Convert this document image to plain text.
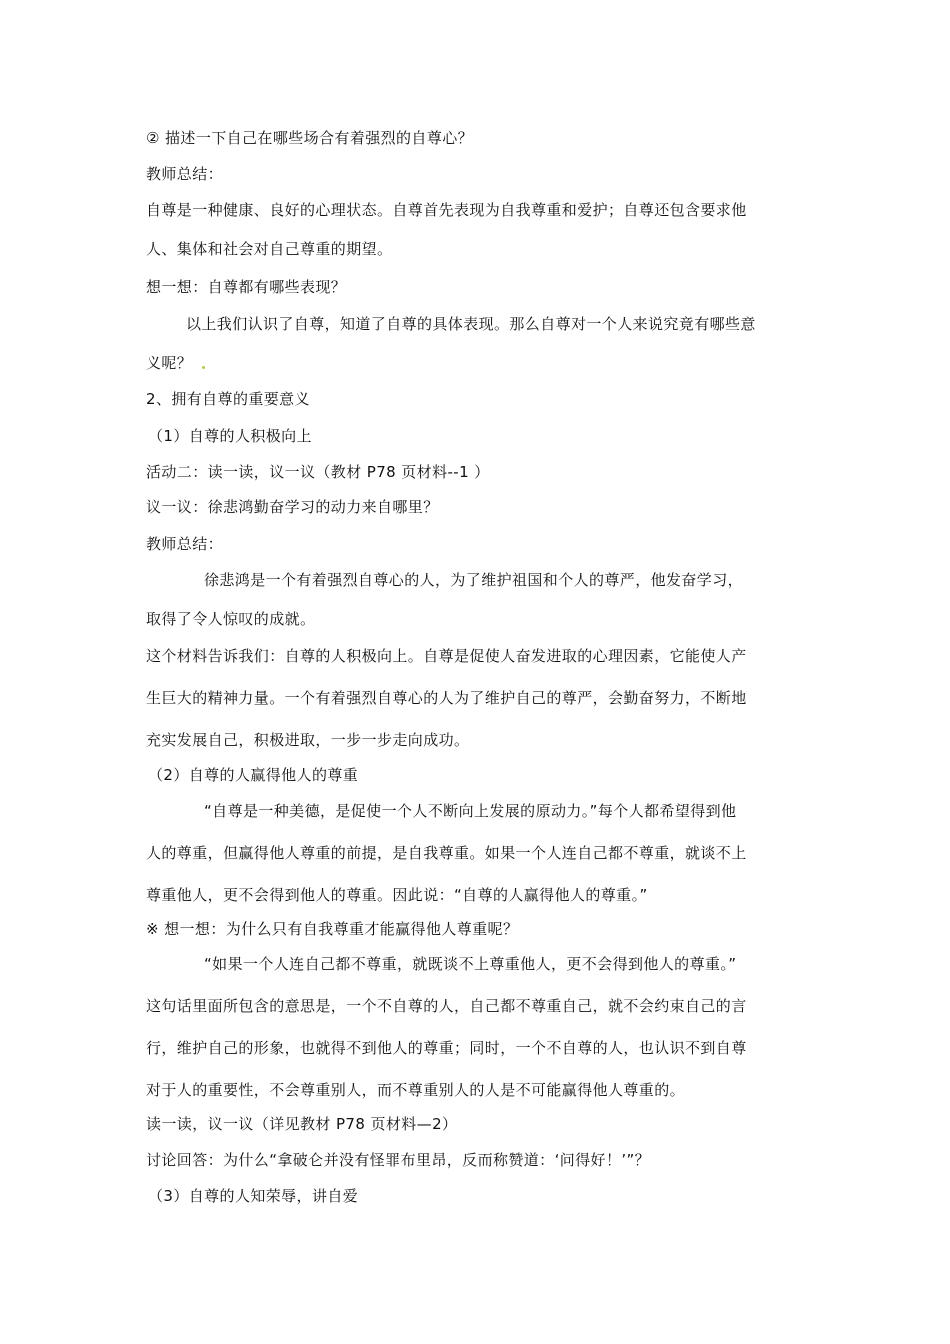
② 描述一下自己在哪些场合有着强烈的自尊心？
教师总结：
自尊是一种健康、良好的心理状态。自尊首先表现为自我尊重和爱护；自尊还包含要求他
人、集体和社会对自己尊重的期望。
想一想：自尊都有哪些表现？
以上我们认识了自尊，知道了自尊的具体表现。那么自尊对一个人来说究竟有哪些意
义呢？
2、拥有自尊的重要意义
（1）自尊的人积极向上
活动二：读一读，议一议（教材 P78 页材料--1 ）
议一议：徐悲鸿勤奋学习的动力来自哪里？
教师总结：
徐悲鸿是一个有着强烈自尊心的人，为了维护祖国和个人的尊严，他发奋学习，
取得了令人惊叹的成就。
这个材料告诉我们：自尊的人积极向上。自尊是促使人奋发进取的心理因素，它能使人产
生巨大的精神力量。一个有着强烈自尊心的人为了维护自己的尊严，会勤奋努力，不断地
充实发展自己，积极进取，一步一步走向成功。
（2）自尊的人赢得他人的尊重
“自尊是一种美德，是促使一个人不断向上发展的原动力。”每个人都希望得到他
人的尊重，但赢得他人尊重的前提，是自我尊重。如果一个人连自己都不尊重，就谈不上
尊重他人，更不会得到他人的尊重。因此说：“自尊的人赢得他人的尊重。”
※ 想一想：为什么只有自我尊重才能赢得他人尊重呢？
“如果一个人连自己都不尊重，就既谈不上尊重他人，更不会得到他人的尊重。”
这句话里面所包含的意思是，一个不自尊的人，自己都不尊重自己，就不会约束自己的言
行，维护自己的形象，也就得不到他人的尊重；同时，一个不自尊的人，也认识不到自尊
对于人的重要性，不会尊重别人，而不尊重别人的人是不可能赢得他人尊重的。
读一读，议一议（详见教材 P78 页材料—2）
讨论回答：为什么“拿破仑并没有怪罪布里昂，反而称赞道：‘问得好！’”？
（3）自尊的人知荣辱，讲自爱
